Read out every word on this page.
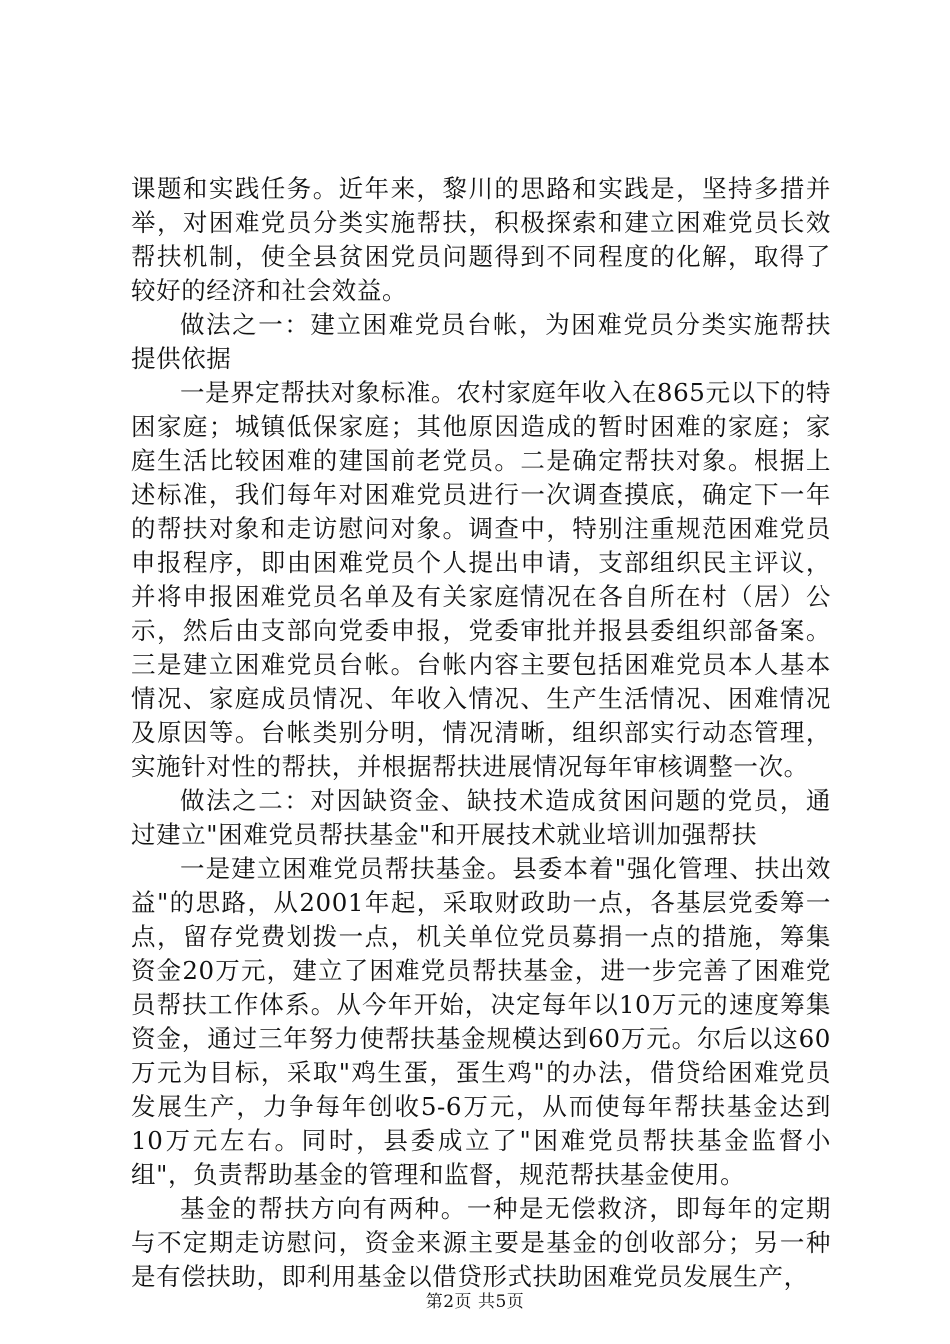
课题和实践任务。近年来，黎川的思路和实践是，坚持多措并举，对困难党员分类实施帮扶，积极探索和建立困难党员长效帮扶机制，使全县贫困党员问题得到不同程度的化解，取得了较好的经济和社会效益。

做法之一：建立困难党员台帐，为困难党员分类实施帮扶提供依据

一是界定帮扶对象标准。农村家庭年收入在865元以下的特困家庭；城镇低保家庭；其他原因造成的暂时困难的家庭；家庭生活比较困难的建国前老党员。二是确定帮扶对象。根据上述标准，我们每年对困难党员进行一次调查摸底，确定下一年的帮扶对象和走访慰问对象。调查中，特别注重规范困难党员申报程序，即由困难党员个人提出申请，支部组织民主评议，并将申报困难党员名单及有关家庭情况在各自所在村（居）公示，然后由支部向党委申报，党委审批并报县委组织部备案。三是建立困难党员台帐。台帐内容主要包括困难党员本人基本情况、家庭成员情况、年收入情况、生产生活情况、困难情况及原因等。台帐类别分明，情况清晰，组织部实行动态管理，实施针对性的帮扶，并根据帮扶进展情况每年审核调整一次。

做法之二：对因缺资金、缺技术造成贫困问题的党员，通过建立"困难党员帮扶基金"和开展技术就业培训加强帮扶

一是建立困难党员帮扶基金。县委本着"强化管理、扶出效益"的思路，从2001年起，采取财政助一点，各基层党委筹一点，留存党费划拨一点，机关单位党员募捐一点的措施，筹集资金20万元，建立了困难党员帮扶基金，进一步完善了困难党员帮扶工作体系。从今年开始，决定每年以10万元的速度筹集资金，通过三年努力使帮扶基金规模达到60万元。尔后以这60万元为目标，采取"鸡生蛋，蛋生鸡"的办法，借贷给困难党员发展生产，力争每年创收5-6万元，从而使每年帮扶基金达到10万元左右。同时，县委成立了"困难党员帮扶基金监督小组"，负责帮助基金的管理和监督，规范帮扶基金使用。

基金的帮扶方向有两种。一种是无偿救济，即每年的定期与不定期走访慰问，资金来源主要是基金的创收部分；另一种是有偿扶助，即利用基金以借贷形式扶助困难党员发展生产，

第2页 共5页
